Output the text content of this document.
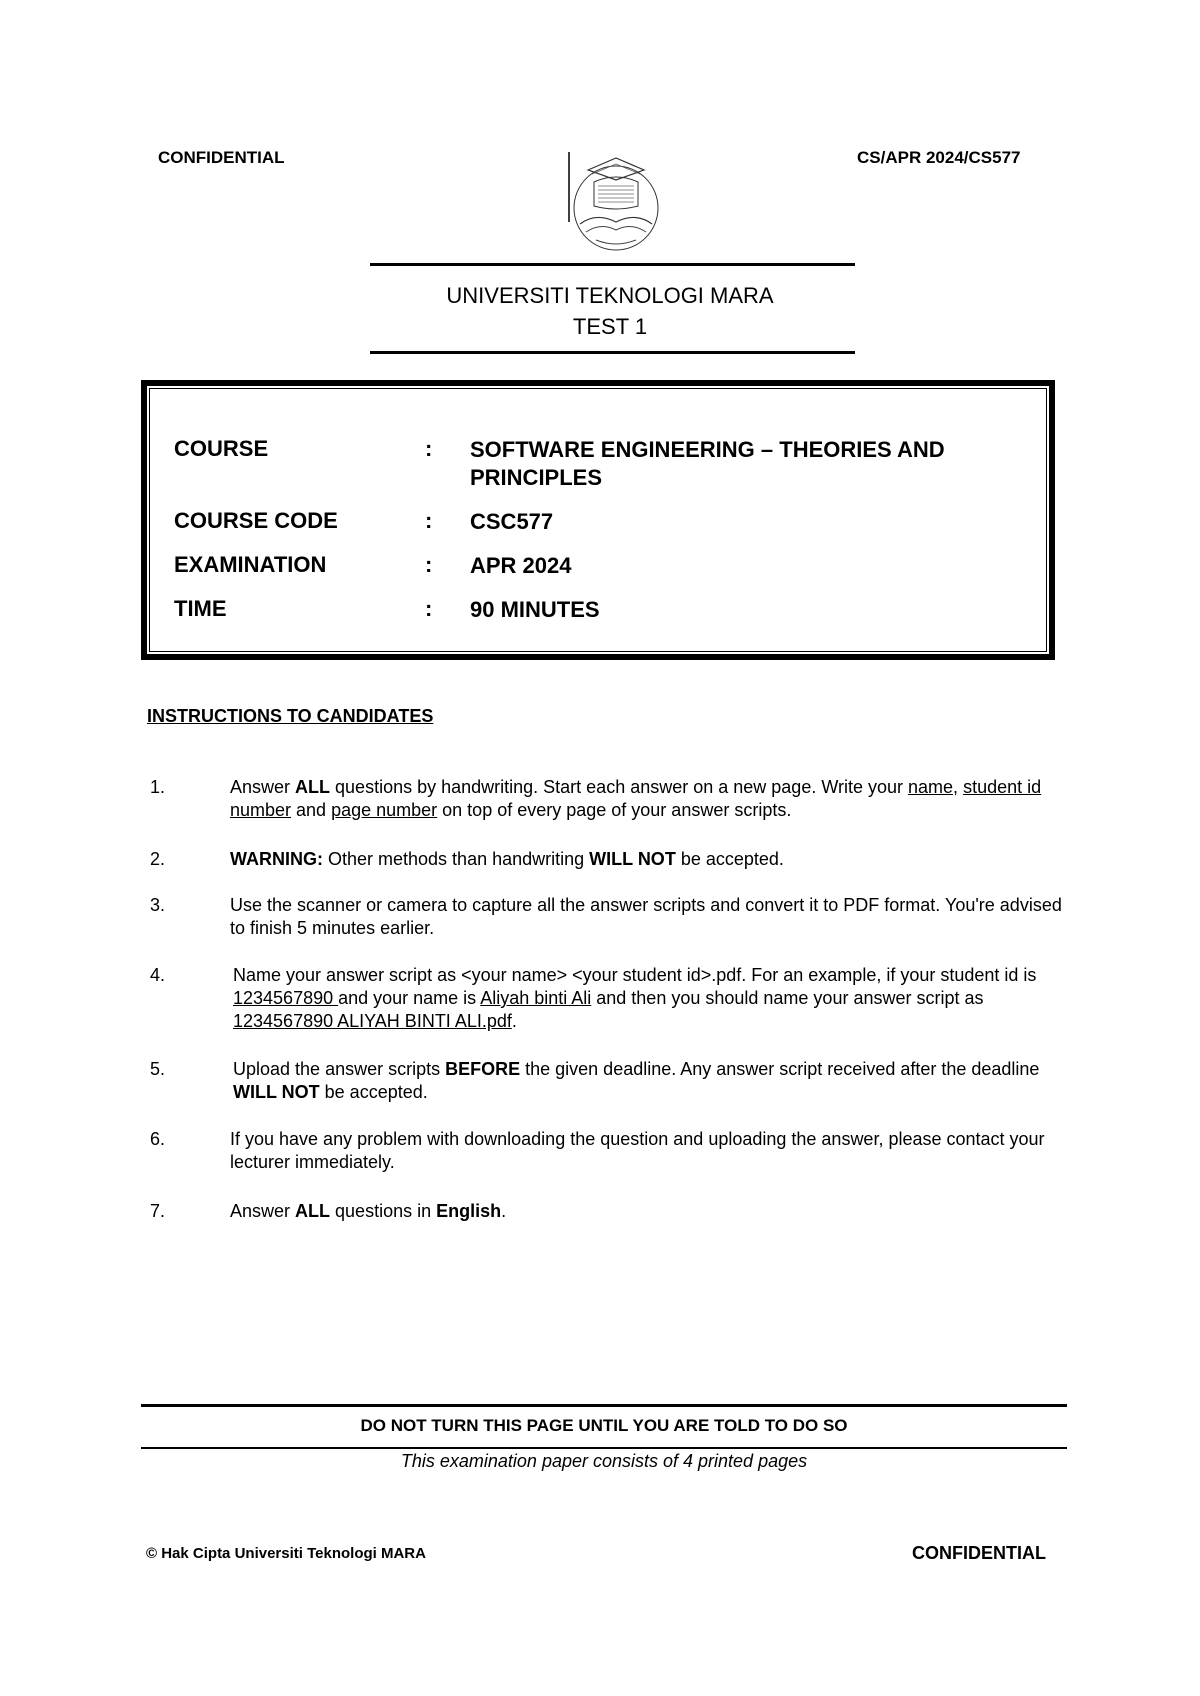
CONFIDENTIAL	CS/APR 2024/CS577
UNIVERSITI TEKNOLOGI MARA
TEST 1
COURSE	: SOFTWARE ENGINEERING – THEORIES AND PRINCIPLES
COURSE CODE	: CSC577
EXAMINATION	: APR 2024
TIME	: 90 MINUTES
INSTRUCTIONS TO CANDIDATES
1.	Answer ALL questions by handwriting. Start each answer on a new page. Write your name, student id number and page number on top of every page of your answer scripts.
2.	WARNING: Other methods than handwriting WILL NOT be accepted.
3.	Use the scanner or camera to capture all the answer scripts and convert it to PDF format. You're advised to finish 5 minutes earlier.
4.	Name your answer script as <your name> <your student id>.pdf. For an example, if your student id is 1234567890 and your name is Aliyah binti Ali and then you should name your answer script as 1234567890 ALIYAH BINTI ALI.pdf.
5.	Upload the answer scripts BEFORE the given deadline. Any answer script received after the deadline WILL NOT be accepted.
6.	If you have any problem with downloading the question and uploading the answer, please contact your lecturer immediately.
7.	Answer ALL questions in English.
DO NOT TURN THIS PAGE UNTIL YOU ARE TOLD TO DO SO
This examination paper consists of 4 printed pages
© Hak Cipta Universiti Teknologi MARA	CONFIDENTIAL
